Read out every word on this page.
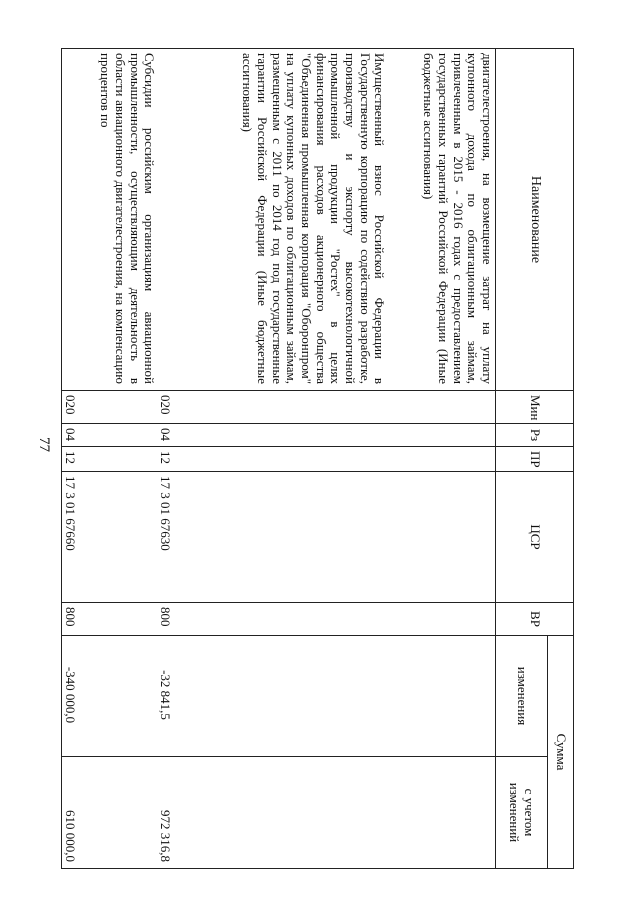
77
Наименование	Мин	Рз	ПР	ЦСР	ВР	Сумма	
						изменения	с учетом изменений

двигателестроения, на возмещение затрат на уплату купонного дохода по облигационным займам, привлеченным в 2015 - 2016 годах с предоставлением государственных гарантий Российской Федерации (Иные бюджетные ассигнования)							

Имущественный взнос Российской Федерации в Государственную корпорацию по содействию разработке, производству и экспорту высокотехнологичной промышленной продукции "Ростех" в целях финансирования расходов акционерного общества "Объединенная промышленная корпорация "Оборонпром" на уплату купонных доходов по облигационным займам, размещенным с 2011 по 2014 год под государственные гарантии Российской Федерации (Иные бюджетные ассигнования)	020	04	12	17 3 01 67630	800	-32 841,5	972 316,8

Субсидии российским организациям авиационной промышленности, осуществляющим деятельность в области авиационного двигателестроения, на компенсацию процентов по	020	04	12	17 3 01 67660	800	-340 000,0	610 000,0
